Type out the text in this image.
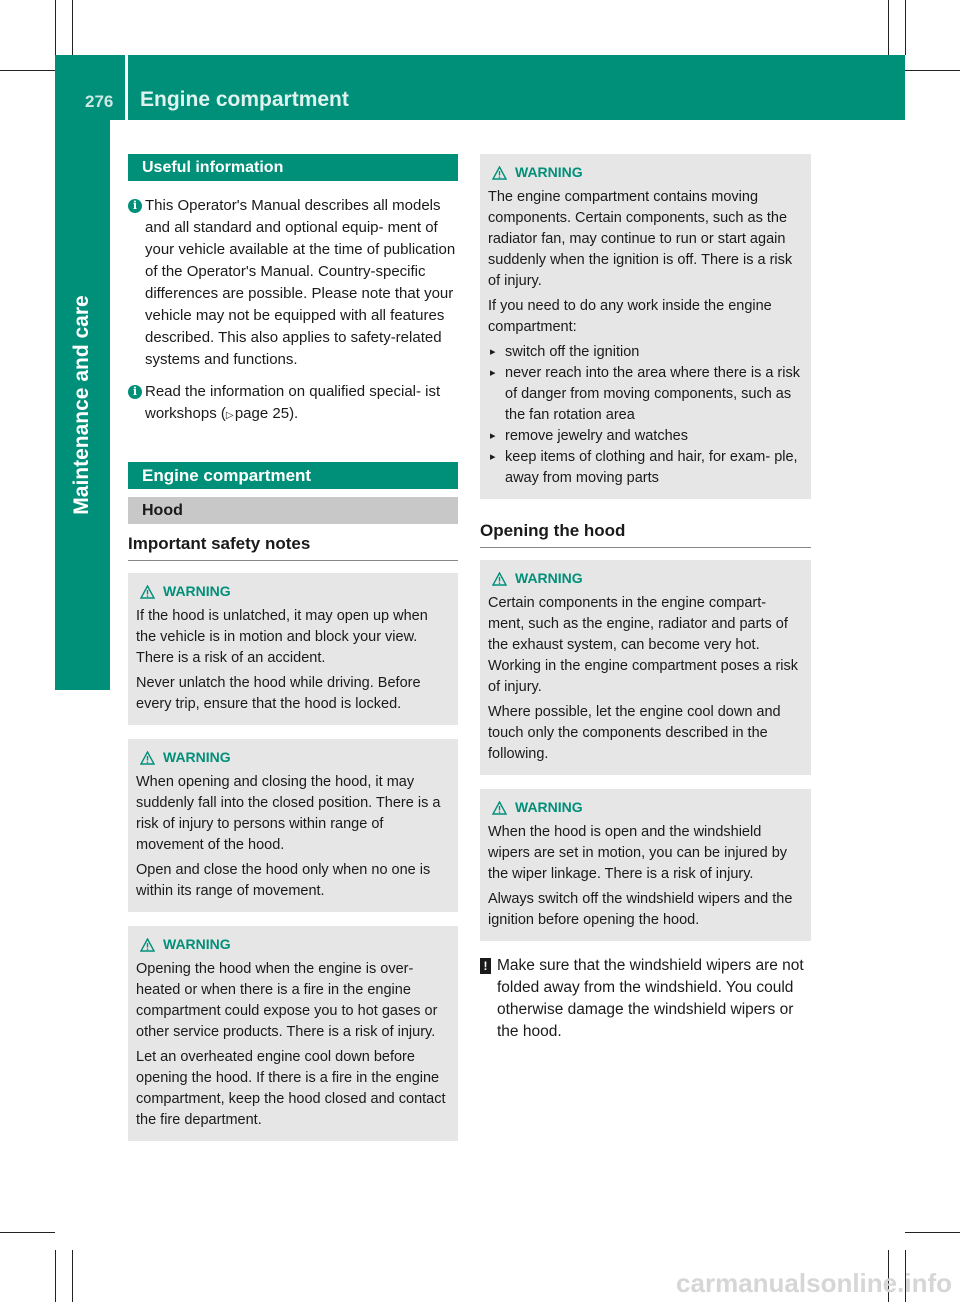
276 Engine compartment
Maintenance and care
Useful information
i This Operator's Manual describes all models and all standard and optional equip- ment of your vehicle available at the time of publication of the Operator's Manual. Country-specific differences are possible. Please note that your vehicle may not be equipped with all features described. This also applies to safety-related systems and functions.
i Read the information on qualified special- ist workshops (▷ page 25).
Engine compartment
Hood
Important safety notes
WARNING

If the hood is unlatched, it may open up when the vehicle is in motion and block your view. There is a risk of an accident.

Never unlatch the hood while driving. Before every trip, ensure that the hood is locked.

WARNING

When opening and closing the hood, it may suddenly fall into the closed position. There is a risk of injury to persons within range of movement of the hood.

Open and close the hood only when no one is within its range of movement.

WARNING

Opening the hood when the engine is over- heated or when there is a fire in the engine compartment could expose you to hot gases or other service products. There is a risk of injury.

Let an overheated engine cool down before opening the hood. If there is a fire in the engine compartment, keep the hood closed and contact the fire department.

WARNING

The engine compartment contains moving components. Certain components, such as the radiator fan, may continue to run or start again suddenly when the ignition is off. There is a risk of injury.

If you need to do any work inside the engine compartment:

▸ switch off the ignition
▸ never reach into the area where there is a risk of danger from moving components, such as the fan rotation area
▸ remove jewelry and watches
▸ keep items of clothing and hair, for exam- ple, away from moving parts
Opening the hood
WARNING

Certain components in the engine compart- ment, such as the engine, radiator and parts of the exhaust system, can become very hot. Working in the engine compartment poses a risk of injury.

Where possible, let the engine cool down and touch only the components described in the following.

WARNING

When the hood is open and the windshield wipers are set in motion, you can be injured by the wiper linkage. There is a risk of injury.

Always switch off the windshield wipers and the ignition before opening the hood.

! Make sure that the windshield wipers are not folded away from the windshield. You could otherwise damage the windshield wipers or the hood.
carmanualsonline.info
